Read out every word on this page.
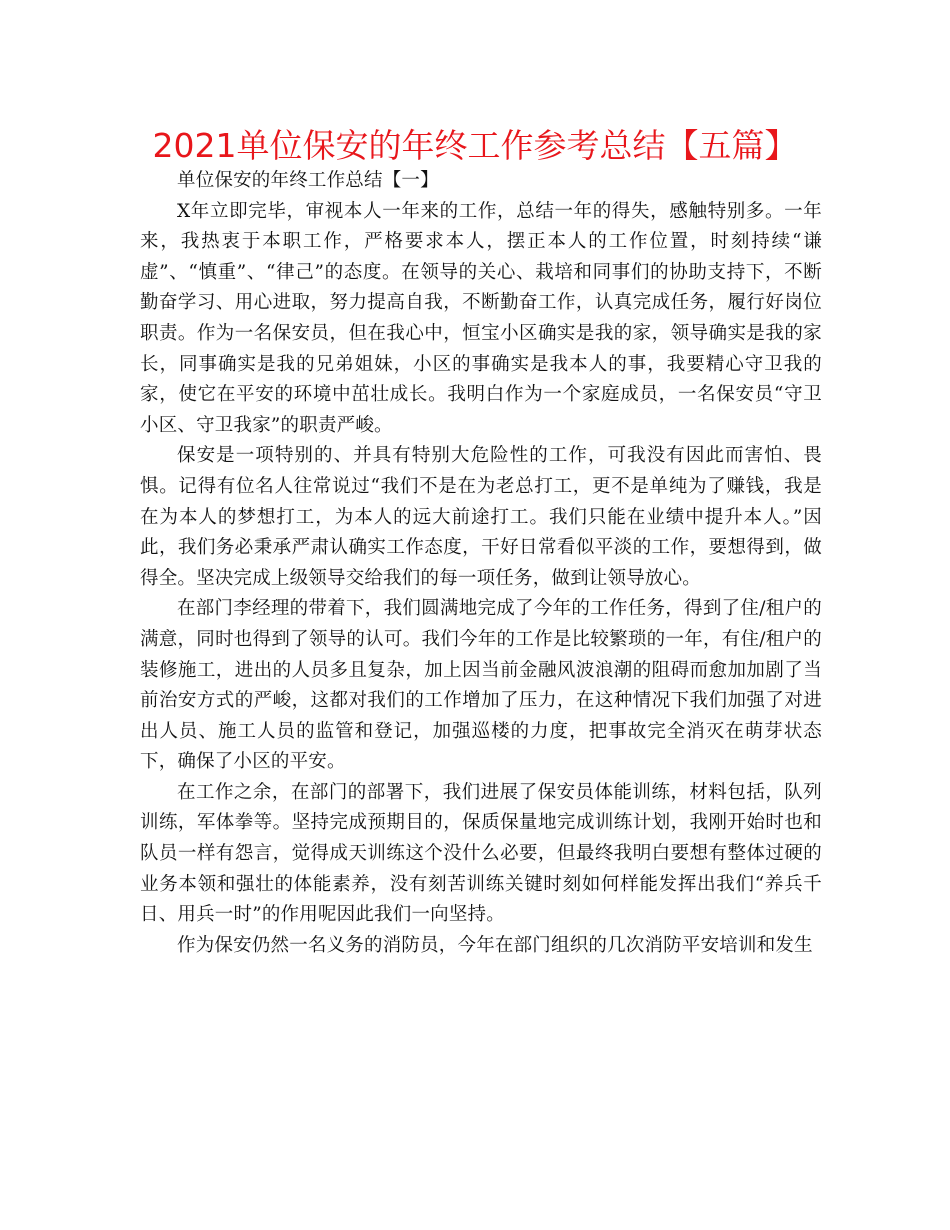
2021单位保安的年终工作参考总结【五篇】

单位保安的年终工作总结【一】

X年立即完毕，审视本人一年来的工作，总结一年的得失，感触特别多。一年来，我热衷于本职工作，严格要求本人，摆正本人的工作位置，时刻持续“谦虚”、“慎重”、“律己”的态度。在领导的关心、栽培和同事们的协助支持下，不断勤奋学习、用心进取，努力提高自我，不断勤奋工作，认真完成任务，履行好岗位职责。作为一名保安员，但在我心中，恒宝小区确实是我的家，领导确实是我的家长，同事确实是我的兄弟姐妹，小区的事确实是我本人的事，我要精心守卫我的家，使它在平安的环境中茁壮成长。我明白作为一个家庭成员，一名保安员“守卫小区、守卫我家”的职责严峻。

保安是一项特别的、并具有特别大危险性的工作，可我没有因此而害怕、畏惧。记得有位名人往常说过“我们不是在为老总打工，更不是单纯为了赚钱，我是在为本人的梦想打工，为本人的远大前途打工。我们只能在业绩中提升本人。”因此，我们务必秉承严肃认确实工作态度，干好日常看似平淡的工作，要想得到，做得全。坚决完成上级领导交给我们的每一项任务，做到让领导放心。

在部门李经理的带着下，我们圆满地完成了今年的工作任务，得到了住/租户的满意，同时也得到了领导的认可。我们今年的工作是比较繁琐的一年，有住/租户的装修施工，进出的人员多且复杂，加上因当前金融风波浪潮的阻碍而愈加加剧了当前治安方式的严峻，这都对我们的工作增加了压力，在这种情况下我们加强了对进出人员、施工人员的监管和登记，加强巡楼的力度，把事故完全消灭在萌芽状态下，确保了小区的平安。

在工作之余，在部门的部署下，我们进展了保安员体能训练，材料包括，队列训练，军体拳等。坚持完成预期目的，保质保量地完成训练计划，我刚开始时也和队员一样有怨言，觉得成天训练这个没什么必要，但最终我明白要想有整体过硬的业务本领和强壮的体能素养，没有刻苦训练关键时刻如何样能发挥出我们“养兵千日、用兵一时”的作用呢因此我们一向坚持。

作为保安仍然一名义务的消防员，今年在部门组织的几次消防平安培训和发生
